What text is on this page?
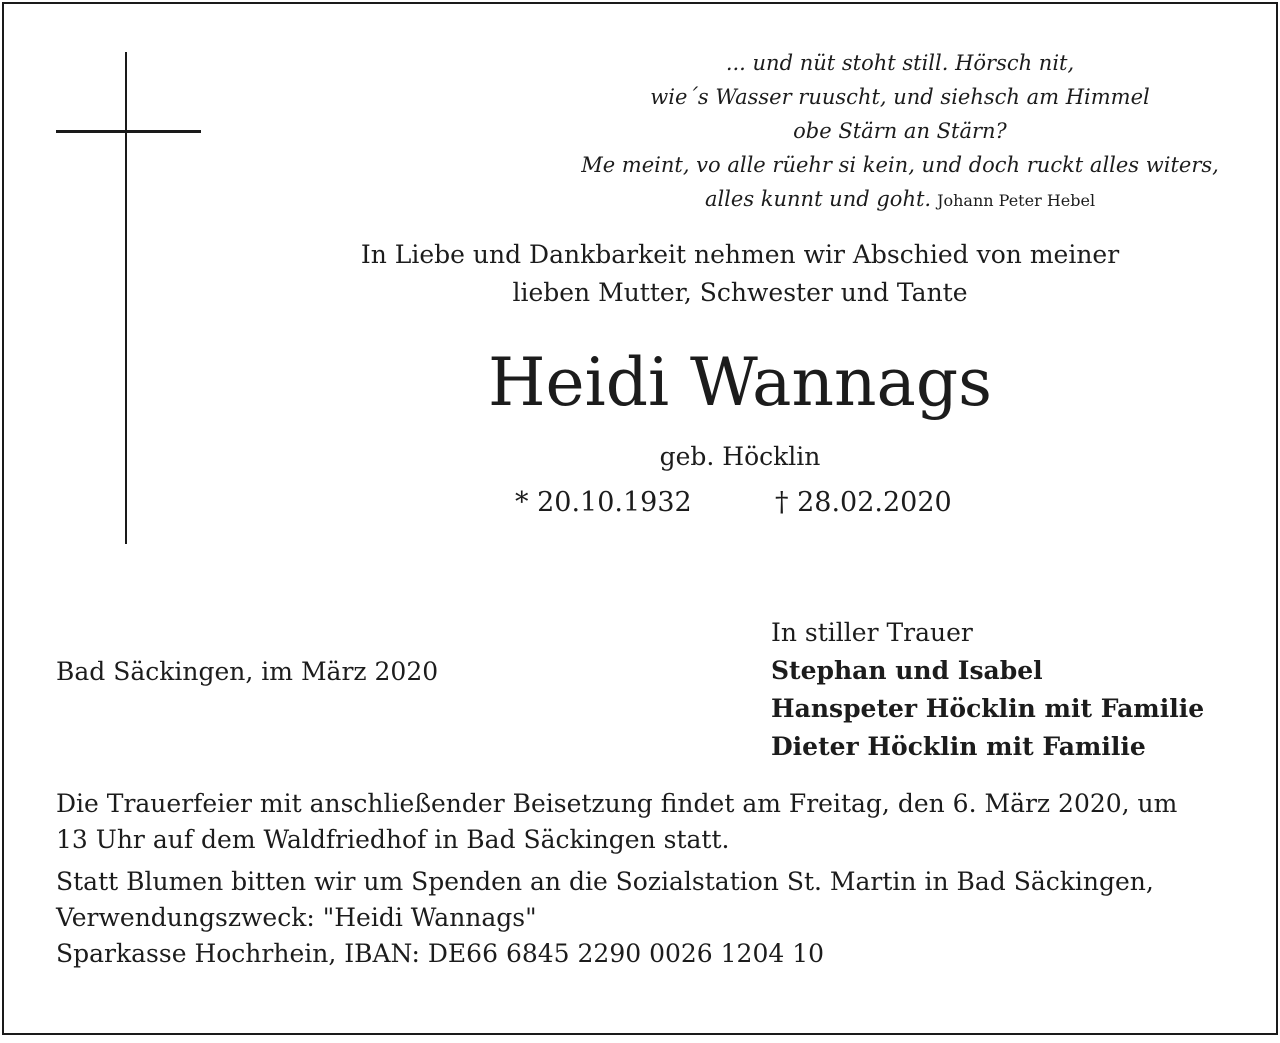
... und nüt stoht still. Hörsch nit,
wie´s Wasser ruuscht, und siehsch am Himmel
obe Stärn an Stärn?
Me meint, vo alle rüehr si kein, und doch ruckt alles witers,
alles kunnt und goht. Johann Peter Hebel
In Liebe und Dankbarkeit nehmen wir Abschied von meiner
lieben Mutter, Schwester und Tante
Heidi Wannags
geb. Höcklin
* 20.10.1932	† 28.02.2020
Bad Säckingen, im März 2020
In stiller Trauer
Stephan und Isabel
Hanspeter Höcklin mit Familie
Dieter Höcklin mit Familie
Die Trauerfeier mit anschließender Beisetzung findet am Freitag, den 6. März 2020, um
13 Uhr auf dem Waldfriedhof in Bad Säckingen statt.
Statt Blumen bitten wir um Spenden an die Sozialstation St. Martin in Bad Säckingen,
Verwendungszweck: "Heidi Wannags"
Sparkasse Hochrhein, IBAN: DE66 6845 2290 0026 1204 10
